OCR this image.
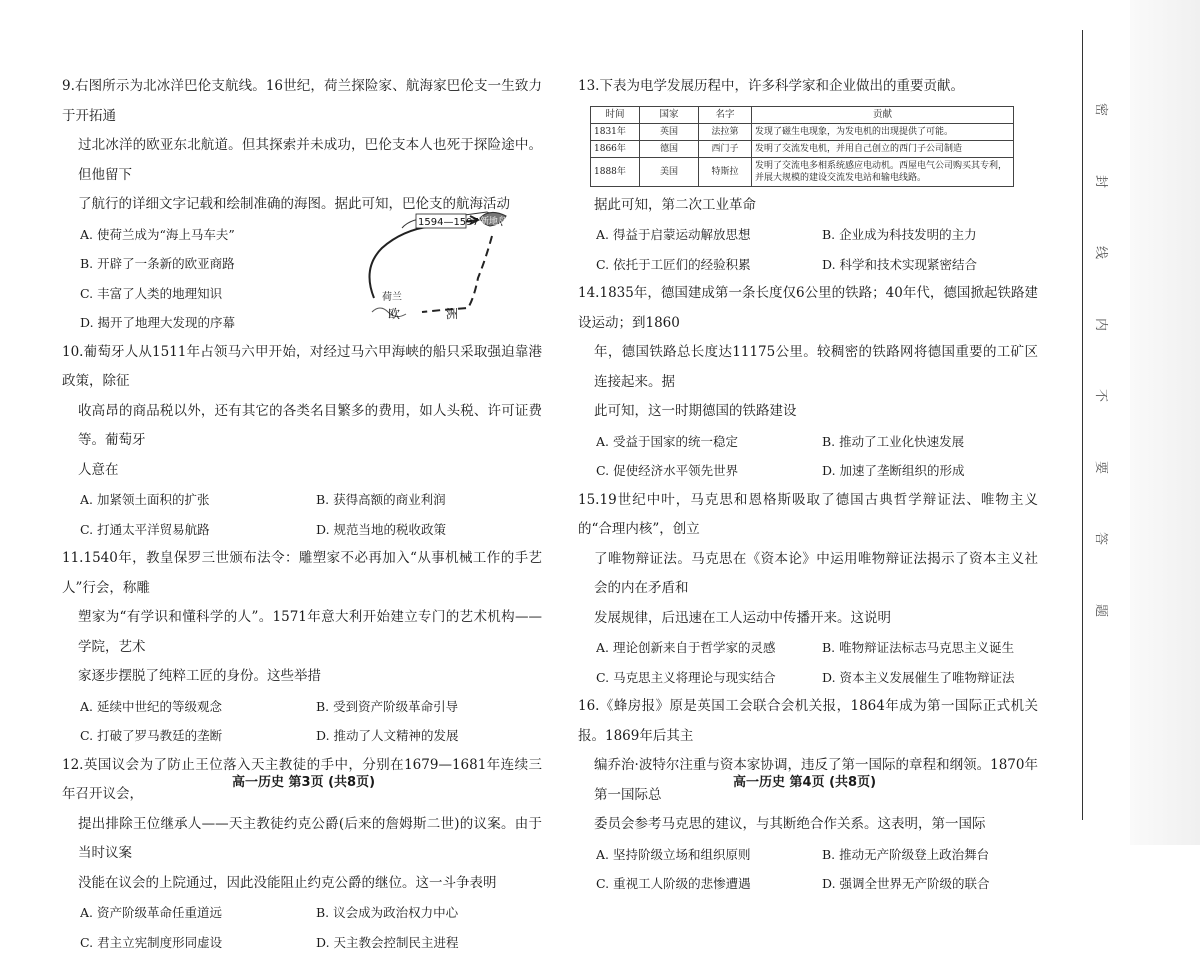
9.右图所示为北冰洋巴伦支航线。16世纪，荷兰探险家、航海家巴伦支一生致力于开拓通
过北冰洋的欧亚东北航道。但其探索并未成功，巴伦支本人也死于探险途中。但他留下
了航行的详细文字记载和绘制准确的海图。据此可知，巴伦支的航海活动
A. 使荷兰成为“海上马车夫”
B. 开辟了一条新的欧亚商路
C. 丰富了人类的地理知识
D. 揭开了地理大发现的序幕
1594—1597 新地岛
荷兰
欧	洲
10.葡萄牙人从1511年占领马六甲开始，对经过马六甲海峡的船只采取强迫靠港政策，除征
收高昂的商品税以外，还有其它的各类名目繁多的费用，如人头税、许可证费等。葡萄牙
人意在
A. 加紧领土面积的扩张	B. 获得高额的商业利润
C. 打通太平洋贸易航路	D. 规范当地的税收政策
11.1540年，教皇保罗三世颁布法令：雕塑家不必再加入“从事机械工作的手艺人”行会，称雕
塑家为“有学识和懂科学的人”。1571年意大利开始建立专门的艺术机构——学院，艺术
家逐步摆脱了纯粹工匠的身份。这些举措
A. 延续中世纪的等级观念	B. 受到资产阶级革命引导
C. 打破了罗马教廷的垄断	D. 推动了人文精神的发展
12.英国议会为了防止王位落入天主教徒的手中，分别在1679—1681年连续三年召开议会，
提出排除王位继承人——天主教徒约克公爵(后来的詹姆斯二世)的议案。由于当时议案
没能在议会的上院通过，因此没能阻止约克公爵的继位。这一斗争表明
A. 资产阶级革命任重道远	B. 议会成为政治权力中心
C. 君主立宪制度形同虚设	D. 天主教会控制民主进程
高一历史 第3页 (共8页)
13.下表为电学发展历程中，许多科学家和企业做出的重要贡献。
时间	国家	名字	贡献
1831年	英国	法拉第	发现了磁生电现象，为发电机的出现提供了可能。
1866年	德国	西门子	发明了交流发电机，并用自己创立的西门子公司制造
1888年	美国	特斯拉	发明了交流电多相系统感应电动机。西屋电气公司购买其专利，并展大规模的建设交流发电站和输电线路。
据此可知，第二次工业革命
A. 得益于启蒙运动解放思想	B. 企业成为科技发明的主力
C. 依托于工匠们的经验积累	D. 科学和技术实现紧密结合
14.1835年，德国建成第一条长度仅6公里的铁路；40年代，德国掀起铁路建设运动；到1860
年，德国铁路总长度达11175公里。较稠密的铁路网将德国重要的工矿区连接起来。据
此可知，这一时期德国的铁路建设
A. 受益于国家的统一稳定	B. 推动了工业化快速发展
C. 促使经济水平领先世界	D. 加速了垄断组织的形成
15.19世纪中叶，马克思和恩格斯吸取了德国古典哲学辩证法、唯物主义的“合理内核”，创立
了唯物辩证法。马克思在《资本论》中运用唯物辩证法揭示了资本主义社会的内在矛盾和
发展规律，后迅速在工人运动中传播开来。这说明
A. 理论创新来自于哲学家的灵感	B. 唯物辩证法标志马克思主义诞生
C. 马克思主义将理论与现实结合	D. 资本主义发展催生了唯物辩证法
16.《蜂房报》原是英国工会联合会机关报，1864年成为第一国际正式机关报。1869年后其主
编乔治·波特尔注重与资本家协调，违反了第一国际的章程和纲领。1870年第一国际总
委员会参考马克思的建议，与其断绝合作关系。这表明，第一国际
A. 坚持阶级立场和组织原则	B. 推动无产阶级登上政治舞台
C. 重视工人阶级的悲惨遭遇	D. 强调全世界无产阶级的联合
高一历史 第4页 (共8页)
密
封
线
内
不
要
答
题
